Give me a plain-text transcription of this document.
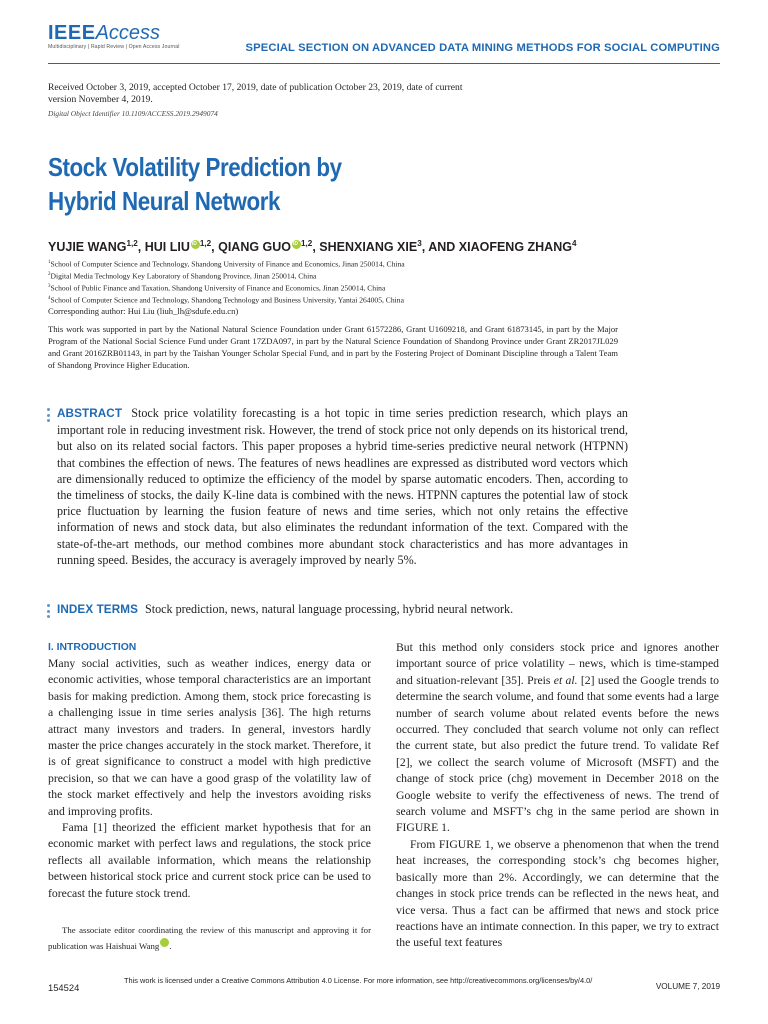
IEEEAccess
Multidisciplinary | Rapid Review | Open Access Journal	SPECIAL SECTION ON ADVANCED DATA MINING METHODS FOR SOCIAL COMPUTING
Received October 3, 2019, accepted October 17, 2019, date of publication October 23, 2019, date of current version November 4, 2019.
Digital Object Identifier 10.1109/ACCESS.2019.2949074
Stock Volatility Prediction by Hybrid Neural Network
YUJIE WANG$^{1,2}$, HUI LIU iD $^{1,2}$, QIANG GUO iD $^{1,2}$, SHENXIANG XIE$^3$, AND XIAOFENG ZHANG$^4$
$^1$School of Computer Science and Technology, Shandong University of Finance and Economics, Jinan 250014, China
$^2$Digital Media Technology Key Laboratory of Shandong Province, Jinan 250014, China
$^3$School of Public Finance and Taxation, Shandong University of Finance and Economics, Jinan 250014, China
$^4$School of Computer Science and Technology, Shandong Technology and Business University, Yantai 264005, China
Corresponding author: Hui Liu (liuh_lh@sdufe.edu.cn)
This work was supported in part by the National Natural Science Foundation under Grant 61572286, Grant U1609218, and Grant 61873145, in part by the Major Program of the National Social Science Fund under Grant 17ZDA097, in part by the Natural Science Foundation of Shandong Province under Grant ZR2017JL029 and Grant 2016ZRB01143, in part by the Taishan Younger Scholar Special Fund, and in part by the Fostering Project of Dominant Discipline through a Talent Team of Shandong Province Higher Education.
ABSTRACT Stock price volatility forecasting is a hot topic in time series prediction research, which plays an important role in reducing investment risk. However, the trend of stock price not only depends on its historical trend, but also on its related social factors. This paper proposes a hybrid time-series predictive neural network (HTPNN) that combines the effection of news. The features of news headlines are expressed as distributed word vectors which are dimensionally reduced to optimize the efficiency of the model by sparse automatic encoders. Then, according to the timeliness of stocks, the daily K-line data is combined with the news. HTPNN captures the potential law of stock price fluctuation by learning the fusion feature of news and time series, which not only retains the effective information of news and stock data, but also eliminates the redundant information of the text. Compared with the state-of-the-art methods, our method combines more abundant stock characteristics and has more advantages in running speed. Besides, the accuracy is averagely improved by nearly 5%.
INDEX TERMS Stock prediction, news, natural language processing, hybrid neural network.
I. INTRODUCTION

Many social activities, such as weather indices, energy data or economic activities, whose temporal characteristics are an important basis for making prediction. Among them, stock price forecasting is a challenging issue in time series analysis [36]. The high returns attract many investors and traders. In general, investors hardly master the price changes accurately in the stock market. Therefore, it is of great significance to construct a model with high predictive precision, so that we can have a good grasp of the volatility law of the stock market effectively and help the investors avoiding risks and improving profits.

Fama [1] theorized the efficient market hypothesis that for an economic market with perfect laws and regulations, the stock price reflects all available information, which means the relationship between historical stock price and current stock price can be used to forecast the future stock trend.

The associate editor coordinating the review of this manuscript and approving it for publication was Haishuai WangiD

But this method only considers stock price and ignores another important source of price volatility – news, which is time-stamped and situation-relevant [35]. Preis et al. [2] used the Google trends to determine the search volume, and found that some events had a large number of search volume about related events before the news occurred. They concluded that search volume not only can reflect the current state, but also predict the future trend. To validate Ref [2], we collect the search volume of Microsoft (MSFT) and the change of stock price (chg) movement in December 2018 on the Google website to verify the effectiveness of news. The trend of search volume and MSFT’s chg in the same period are shown in FIGURE 1.

From FIGURE 1, we observe a phenomenon that when the trend heat increases, the corresponding stock’s chg becomes higher, basically more than 2%. Accordingly, we can determine that the changes in stock price trends can be reflected in the news heat, and vice versa. Thus a fact can be affirmed that news and stock price reactions have an intimate connection. In this paper, we try to extract the useful text features

154524
This work is licensed under a Creative Commons Attribution 4.0 License. For more information, see http://creativecommons.org/licenses/by/4.0/
VOLUME 7, 2019
